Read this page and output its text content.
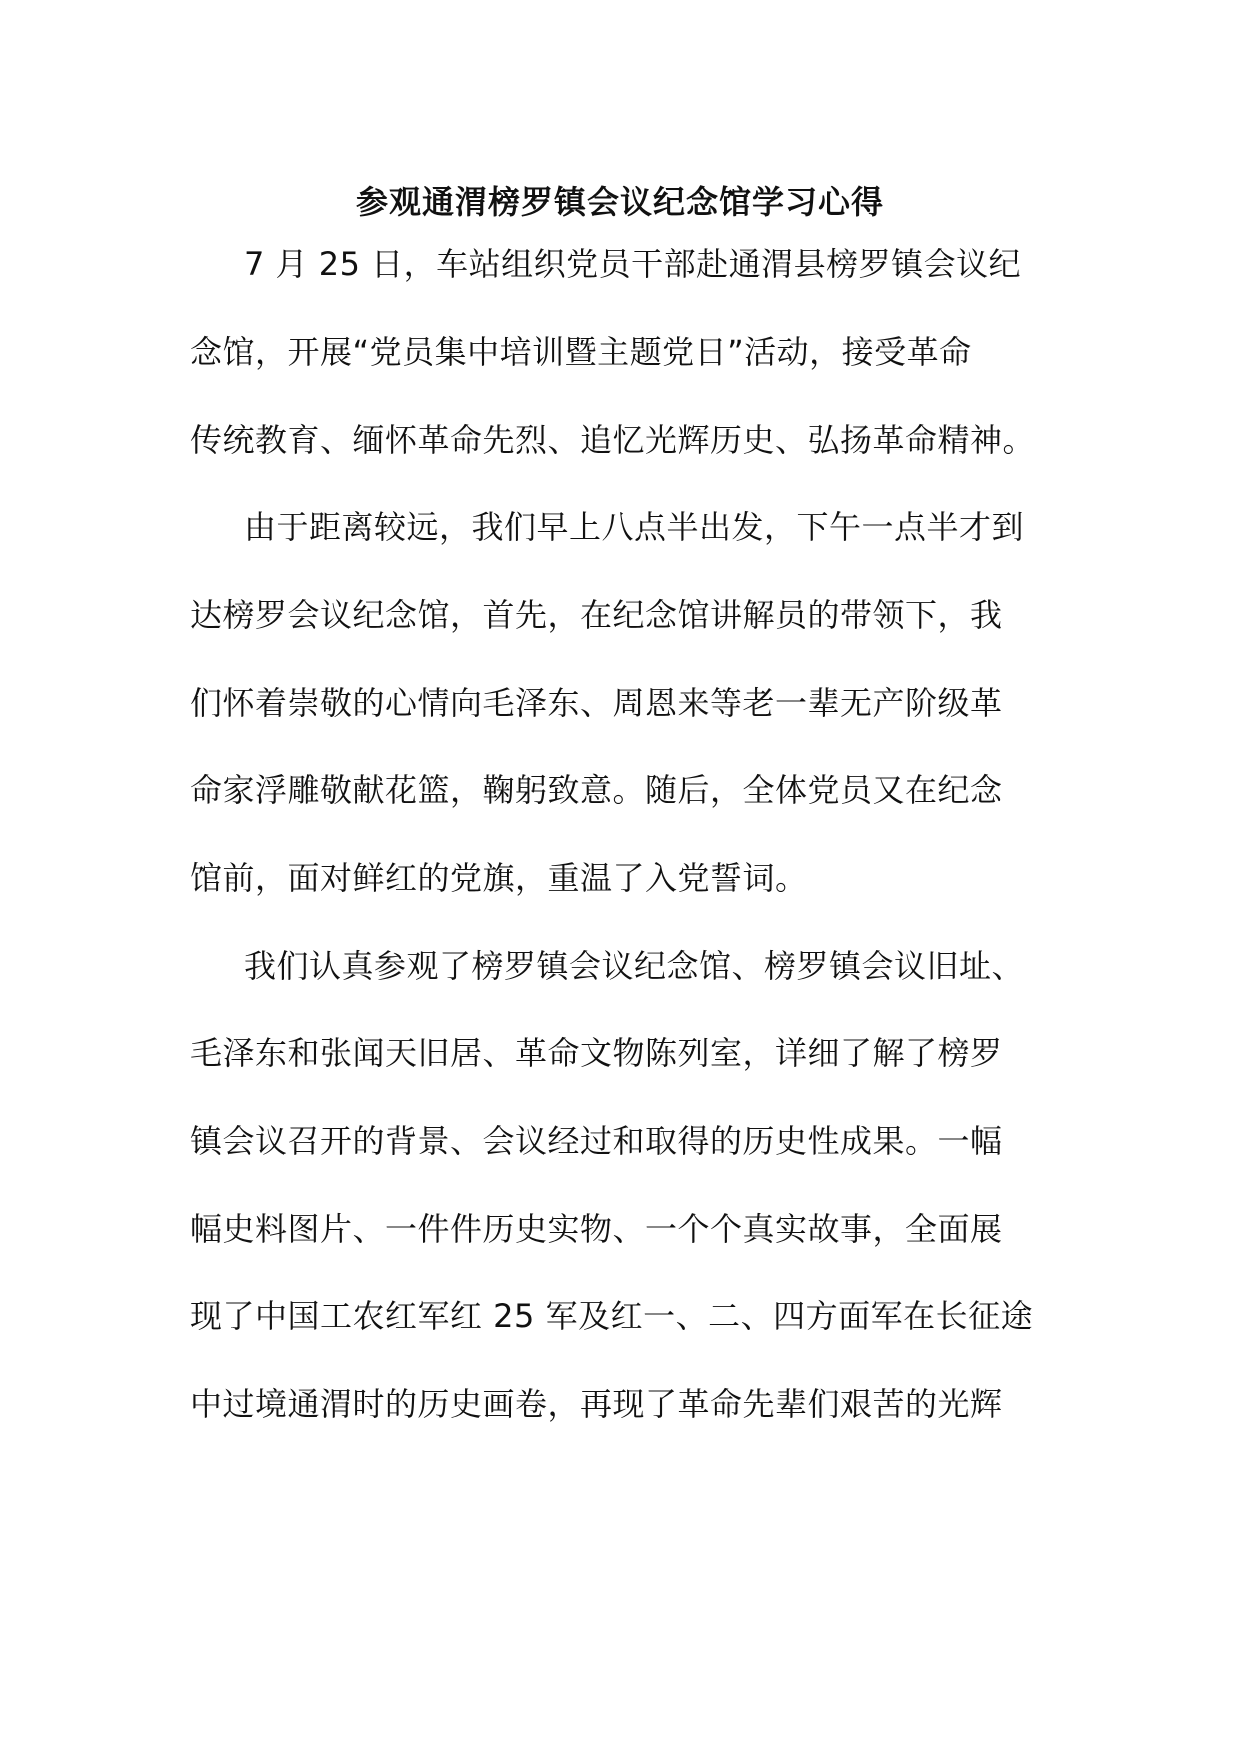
参观通渭榜罗镇会议纪念馆学习心得
7 月 25 日，车站组织党员干部赴通渭县榜罗镇会议纪
念馆，开展“党员集中培训暨主题党日”活动，接受革命
传统教育、缅怀革命先烈、追忆光辉历史、弘扬革命精神。
由于距离较远，我们早上八点半出发，下午一点半才到
达榜罗会议纪念馆，首先，在纪念馆讲解员的带领下，我
们怀着崇敬的心情向毛泽东、周恩来等老一辈无产阶级革
命家浮雕敬献花篮，鞠躬致意。随后，全体党员又在纪念
馆前，面对鲜红的党旗，重温了入党誓词。
我们认真参观了榜罗镇会议纪念馆、榜罗镇会议旧址、
毛泽东和张闻天旧居、革命文物陈列室，详细了解了榜罗
镇会议召开的背景、会议经过和取得的历史性成果。一幅
幅史料图片、一件件历史实物、一个个真实故事，全面展
现了中国工农红军红 25 军及红一、二、四方面军在长征途
中过境通渭时的历史画卷，再现了革命先辈们艰苦的光辉
